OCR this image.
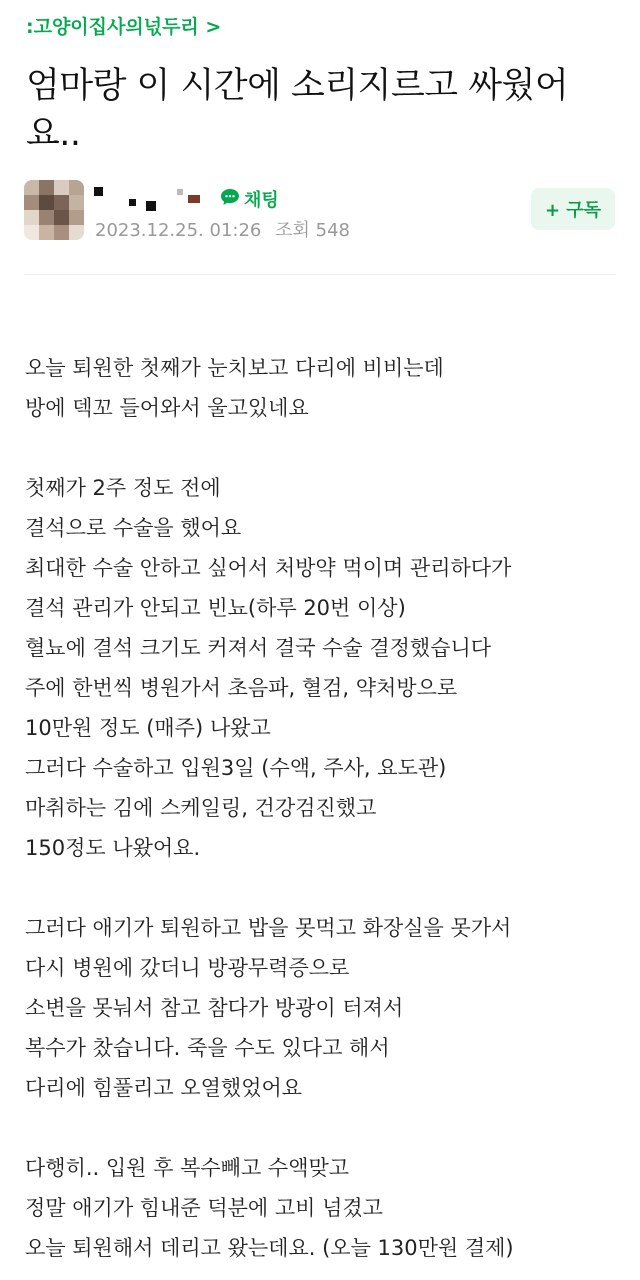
:고양이집사의넋두리 >
엄마랑 이 시간에 소리지르고 싸웠어요..
채팅
2023.12.25. 01:26 조회 548
+ 구독

오늘 퇴원한 첫째가 눈치보고 다리에 비비는데

방에 덱꼬 들어와서 울고있네요

첫째가 2주 정도 전에

결석으로 수술을 했어요

최대한 수술 안하고 싶어서 처방약 먹이며 관리하다가

결석 관리가 안되고 빈뇨(하루 20번 이상)

혈뇨에 결석 크기도 커져서 결국 수술 결정했습니다

주에 한번씩 병원가서 초음파, 혈검, 약처방으로

10만원 정도 (매주) 나왔고

그러다 수술하고 입원3일 (수액, 주사, 요도관)

마취하는 김에 스케일링, 건강검진했고

150정도 나왔어요.

그러다 애기가 퇴원하고 밥을 못먹고 화장실을 못가서

다시 병원에 갔더니 방광무력증으로

소변을 못눠서 참고 참다가 방광이 터져서

복수가 찼습니다. 죽을 수도 있다고 해서

다리에 힘풀리고 오열했었어요

다행히.. 입원 후 복수빼고 수액맞고

정말 애기가 힘내준 덕분에 고비 넘겼고

오늘 퇴원해서 데리고 왔는데요. (오늘 130만원 결제)
